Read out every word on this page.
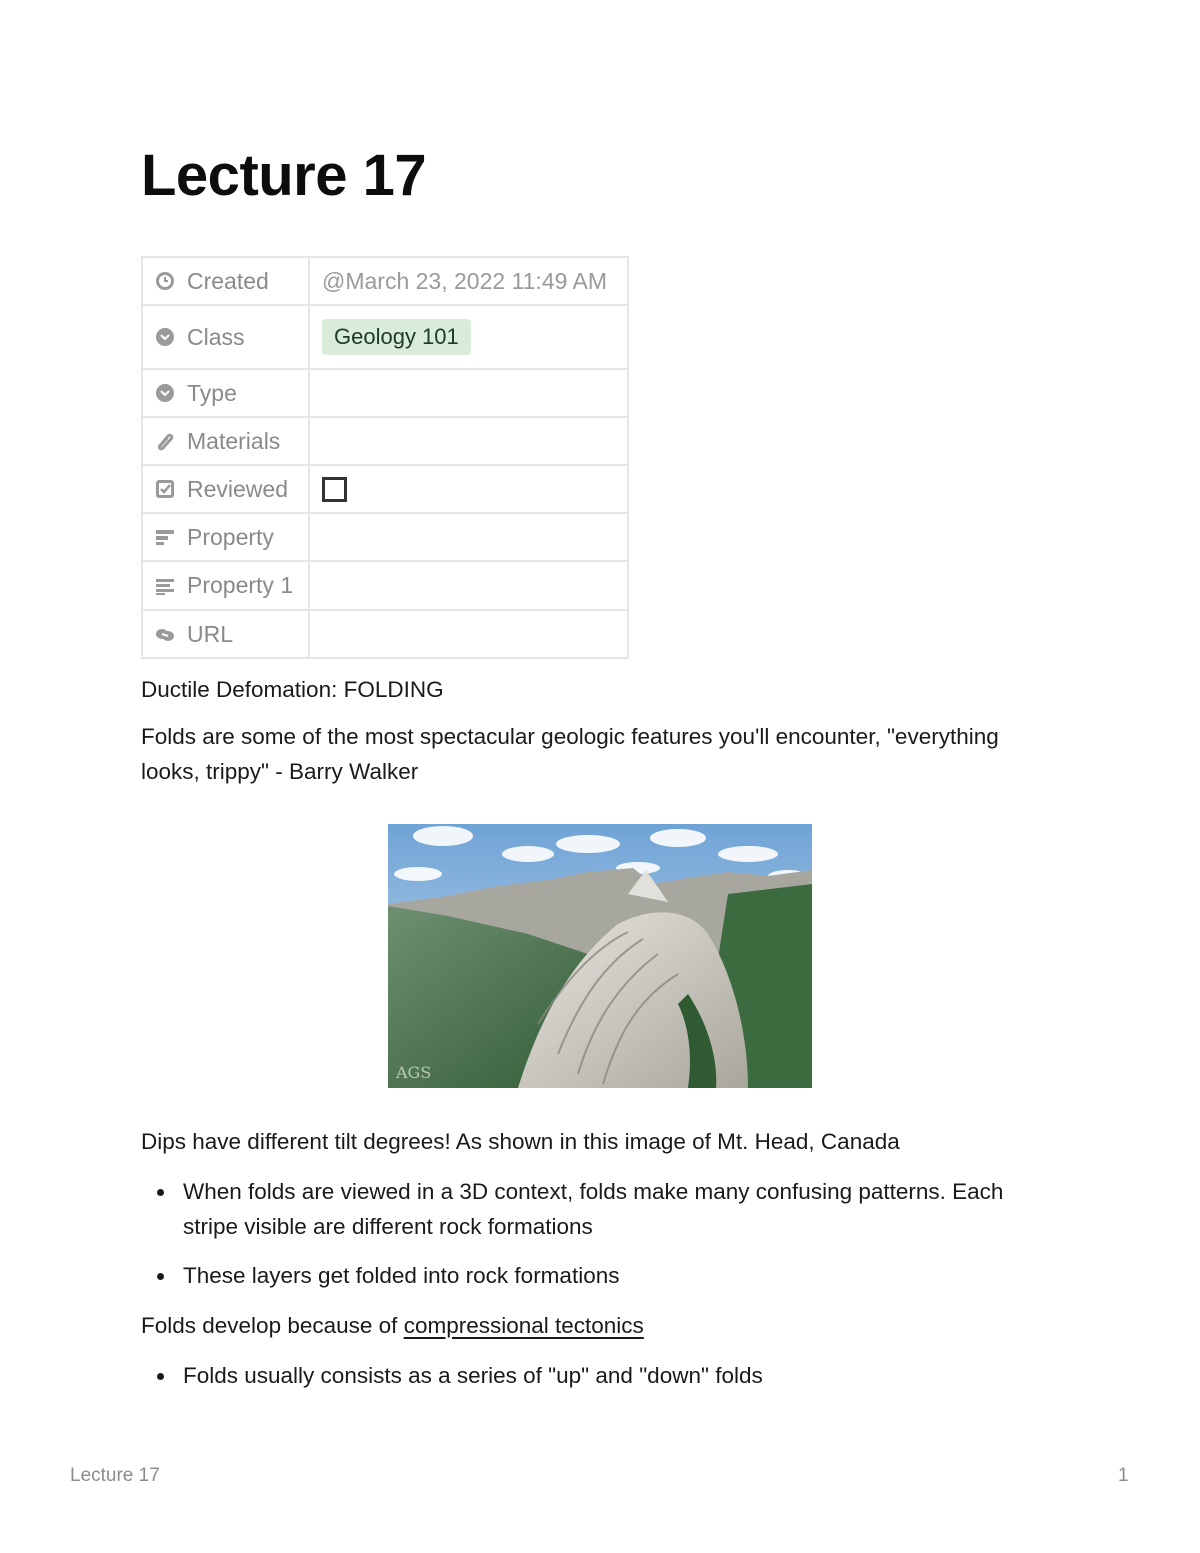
Lecture 17
Created	@March 23, 2022 11:49 AM

Class	Geology 101

Type	

Materials	

Reviewed	

Property	

Property 1	

URL	

Ductile Defomation: FOLDING

Folds are some of the most spectacular geologic features you'll encounter, "everything
looks, trippy" - Barry Walker

AGS

Dips have different tilt degrees! As shown in this image of Mt. Head, Canada

When folds are viewed in a 3D context, folds make many confusing patterns. Each
stripe visible are different rock formations
These layers get folded into rock formations

Folds develop because of compressional tectonics

Folds usually consists as a series of "up" and "down" folds
Lecture 17	1
